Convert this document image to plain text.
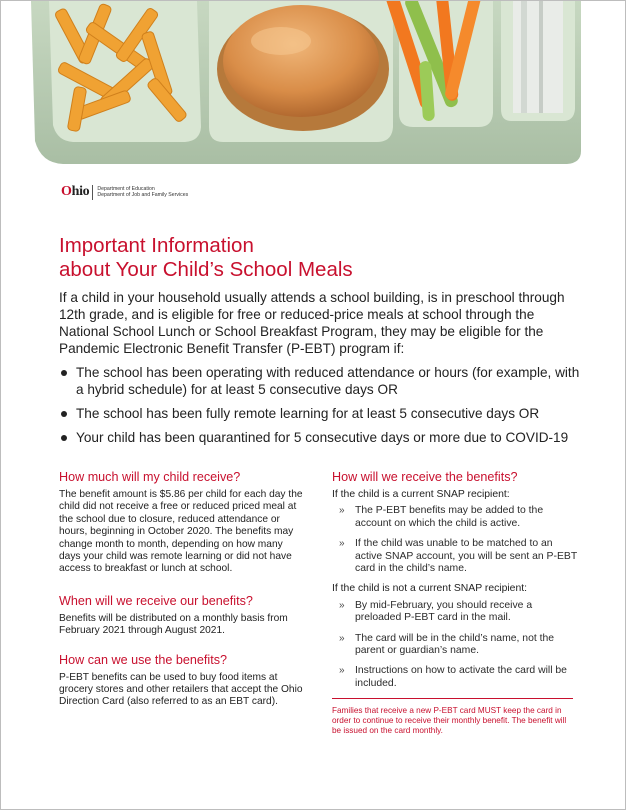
Ohio Department of Education
Department of Job and Family Services
Important Information
about Your Child’s School Meals

If a child in your household usually attends a school building, is in preschool through 12th grade, and is eligible for free or reduced-price meals at school through the National School Lunch or School Breakfast Program, they may be eligible for the Pandemic Electronic Benefit Transfer (P-EBT) program if:

The school has been operating with reduced attendance or hours (for example, with a hybrid schedule) for at least 5 consecutive days OR
The school has been fully remote learning for at least 5 consecutive days OR
Your child has been quarantined for 5 consecutive days or more due to COVID-19
How much will my child receive?

The benefit amount is $5.86 per child for each day the child did not receive a free or reduced priced meal at the school due to closure, reduced attendance or hours, beginning in October 2020. The benefits may change month to month, depending on how many days your child was remote learning or did not have access to breakfast or lunch at school.

When will we receive our benefits?

Benefits will be distributed on a monthly basis from February 2021 through August 2021.

How can we use the benefits?

P-EBT benefits can be used to buy food items at grocery stores and other retailers that accept the Ohio Direction Card (also referred to as an EBT card).

How will we receive the benefits?

If the child is a current SNAP recipient:

» The P-EBT benefits may be added to the account on which the child is active.
» If the child was unable to be matched to an active SNAP account, you will be sent an P-EBT card in the child’s name.

If the child is not a current SNAP recipient:

» By mid-February, you should receive a preloaded P-EBT card in the mail.
» The card will be in the child’s name, not the parent or guardian’s name.
» Instructions on how to activate the card will be included.

Families that receive a new P-EBT card MUST keep the card in order to continue to receive their monthly benefit. The benefit will be issued on the card monthly.
